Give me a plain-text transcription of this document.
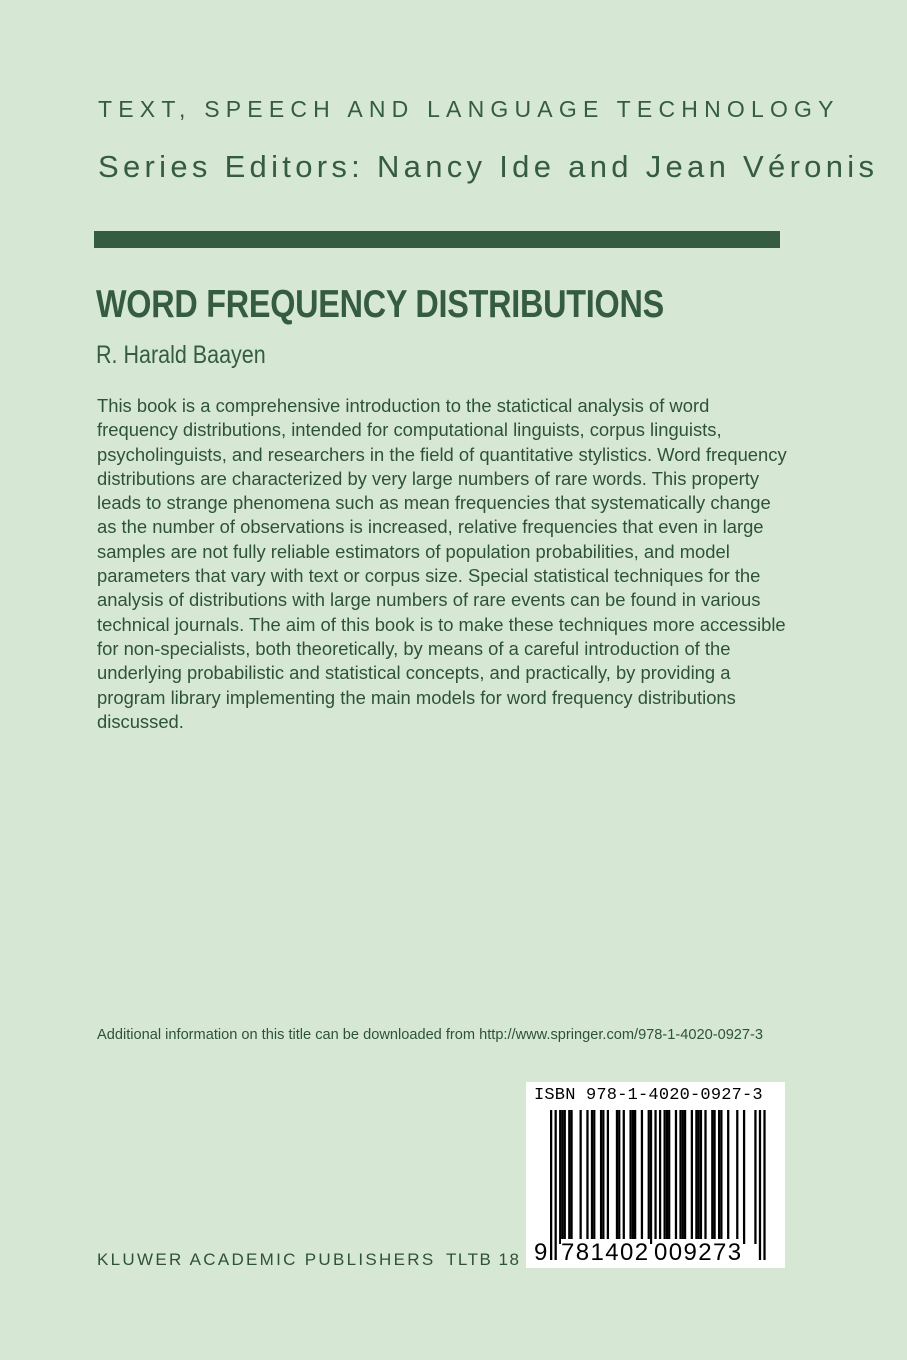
TEXT, SPEECH AND LANGUAGE TECHNOLOGY
Series Editors: Nancy Ide and Jean Véronis
WORD FREQUENCY DISTRIBUTIONS
R. Harald Baayen

This book is a comprehensive introduction to the statictical analysis of word frequency distributions, intended for computational linguists, corpus linguists, psycholinguists, and researchers in the field of quantitative stylistics. Word frequency distributions are characterized by very large numbers of rare words. This property leads to strange phenomena such as mean frequencies that systematically change as the number of observations is increased, relative frequencies that even in large samples are not fully reliable estimators of population probabilities, and model parameters that vary with text or corpus size. Special statistical techniques for the analysis of distributions with large numbers of rare events can be found in various technical journals. The aim of this book is to make these techniques more accessible for non-specialists, both theoretically, by means of a careful introduction of the underlying probabilistic and statistical concepts, and practically, by providing a program library implementing the main models for word frequency distributions discussed.

Additional information on this title can be downloaded from http://www.springer.com/978-1-4020-0927-3
ISBN 978-1-4020-0927-3
9 781402 009273
KLUWER ACADEMIC PUBLISHERS TLTB 18
